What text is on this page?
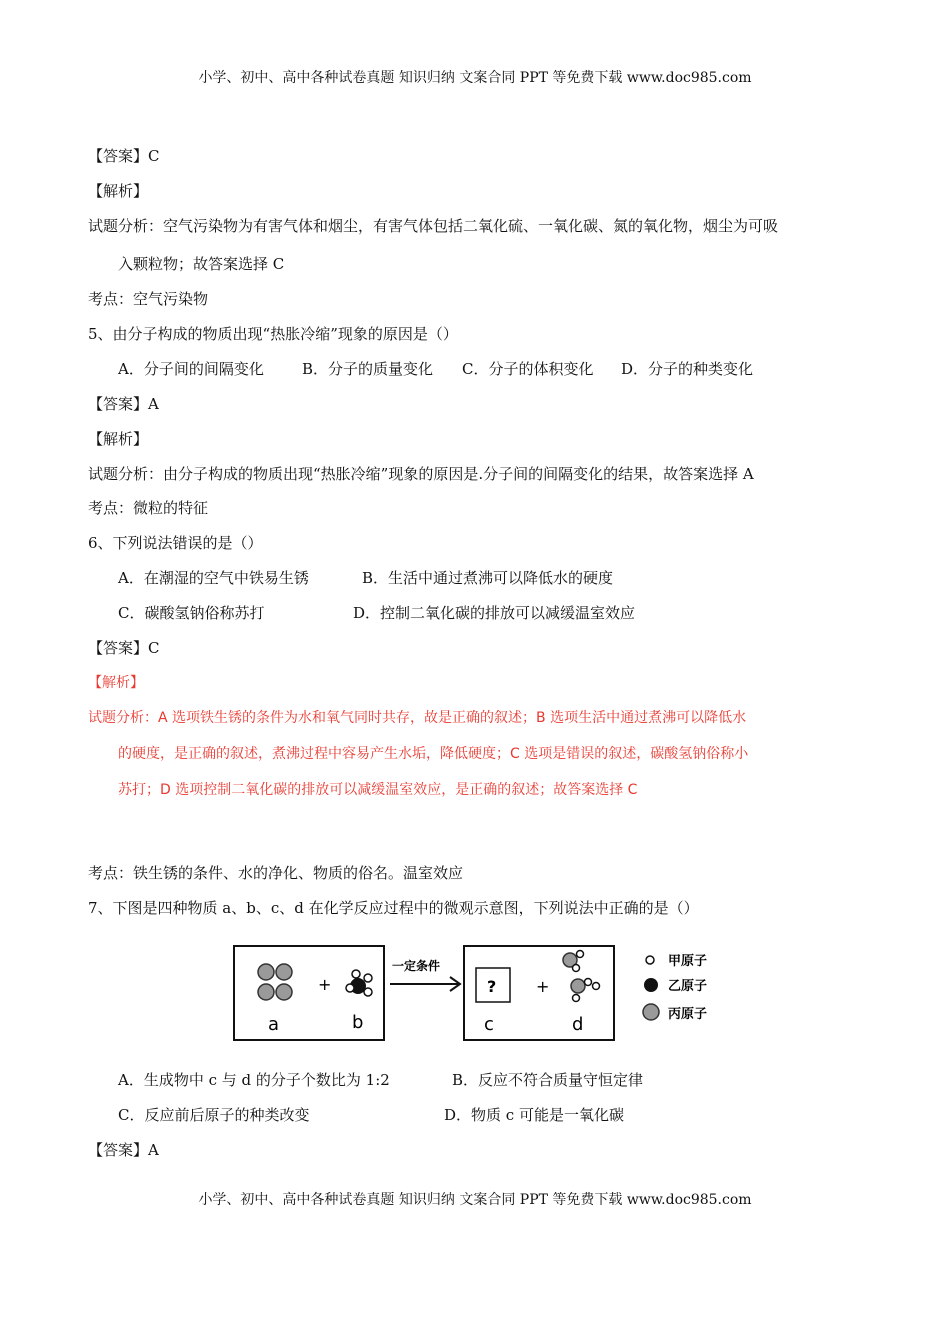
小学、初中、高中各种试卷真题 知识归纳 文案合同 PPT 等免费下载 www.doc985.com
【答案】C
【解析】
试题分析：空气污染物为有害气体和烟尘，有害气体包括二氧化硫、一氧化碳、氮的氧化物，烟尘为可吸
入颗粒物；故答案选择 C
考点：空气污染物
5、由分子构成的物质出现“热胀冷缩”现象的原因是（）
A．分子间的间隔变化	B．分子的质量变化 C．分子的体积变化 D．分子的种类变化
【答案】A
【解析】
试题分析：由分子构成的物质出现“热胀冷缩”现象的原因是.分子间的间隔变化的结果，故答案选择 A
考点：微粒的特征
6、下列说法错误的是（）
A．在潮湿的空气中铁易生锈	B．生活中通过煮沸可以降低水的硬度
C．碳酸氢钠俗称苏打	D．控制二氧化碳的排放可以减缓温室效应
【答案】C
【解析】
试题分析：A 选项铁生锈的条件为水和氧气同时共存，故是正确的叙述；B 选项生活中通过煮沸可以降低水
的硬度，是正确的叙述，煮沸过程中容易产生水垢，降低硬度；C 选项是错误的叙述，碳酸氢钠俗称小
苏打；D 选项控制二氧化碳的排放可以减缓温室效应，是正确的叙述；故答案选择 C
考点：铁生锈的条件、水的净化、物质的俗名。温室效应
7、下图是四种物质 a、b、c、d 在化学反应过程中的微观示意图，下列说法中正确的是（）
a
+
b
一定条件
?
c
+
d
甲原子
乙原子
丙原子
A．生成物中 c 与 d 的分子个数比为 1:2	B．反应不符合质量守恒定律
C．反应前后原子的种类改变	D．物质 c 可能是一氧化碳
【答案】A
小学、初中、高中各种试卷真题 知识归纳 文案合同 PPT 等免费下载 www.doc985.com
